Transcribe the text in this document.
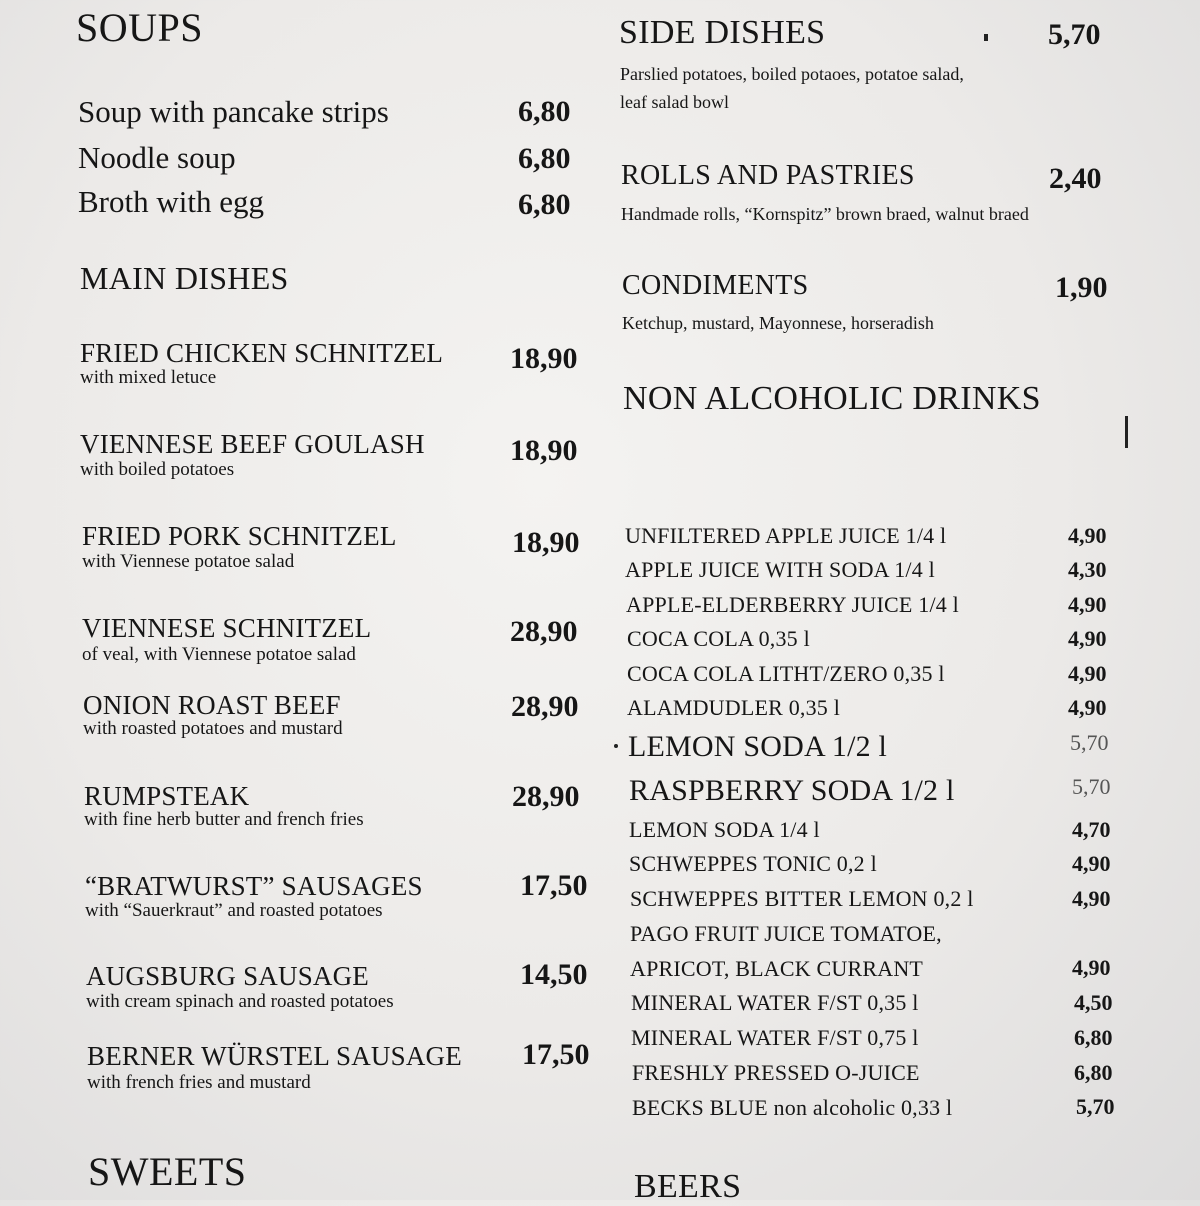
SOUPS
Soup with pancake strips	6,80
Noodle soup	6,80
Broth with egg	6,80
MAIN DISHES
FRIED CHICKEN SCHNITZEL
with mixed letuce
18,90
VIENNESE BEEF GOULASH
with boiled potatoes
18,90
FRIED PORK SCHNITZEL
with Viennese potatoe salad
18,90
VIENNESE SCHNITZEL
of veal, with Viennese potatoe salad
28,90
ONION ROAST BEEF
with roasted potatoes and mustard
28,90
RUMPSTEAK
with fine herb butter and french fries
28,90
“BRATWURST” SAUSAGES
with “Sauerkraut” and roasted potatoes
17,50
AUGSBURG SAUSAGE
with cream spinach and roasted potatoes
14,50
BERNER WÜRSTEL SAUSAGE
with french fries and mustard
17,50
SWEETS
SIDE DISHES	5,70
Parslied potatoes, boiled potaoes, potatoe salad,
leaf salad bowl
ROLLS AND PASTRIES	2,40
Handmade rolls, “Kornspitz” brown braed, walnut braed
CONDIMENTS	1,90
Ketchup, mustard, Mayonnese, horseradish
NON ALCOHOLIC DRINKS
UNFILTERED APPLE JUICE 1/4 l	4,90
APPLE JUICE WITH SODA 1/4 l	4,30
APPLE-ELDERBERRY JUICE 1/4 l	4,90
COCA COLA 0,35 l	4,90
COCA COLA LITHT/ZERO 0,35 l	4,90
ALAMDUDLER 0,35 l	4,90
LEMON SODA 1/2 l	5,70
RASPBERRY SODA 1/2 l	5,70
LEMON SODA 1/4 l	4,70
SCHWEPPES TONIC 0,2 l	4,90
SCHWEPPES BITTER LEMON 0,2 l	4,90
PAGO FRUIT JUICE TOMATOE,
APRICOT, BLACK CURRANT	4,90
MINERAL WATER F/ST 0,35 l	4,50
MINERAL WATER F/ST 0,75 l	6,80
FRESHLY PRESSED O-JUICE	6,80
BECKS BLUE non alcoholic 0,33 l	5,70
BEERS
